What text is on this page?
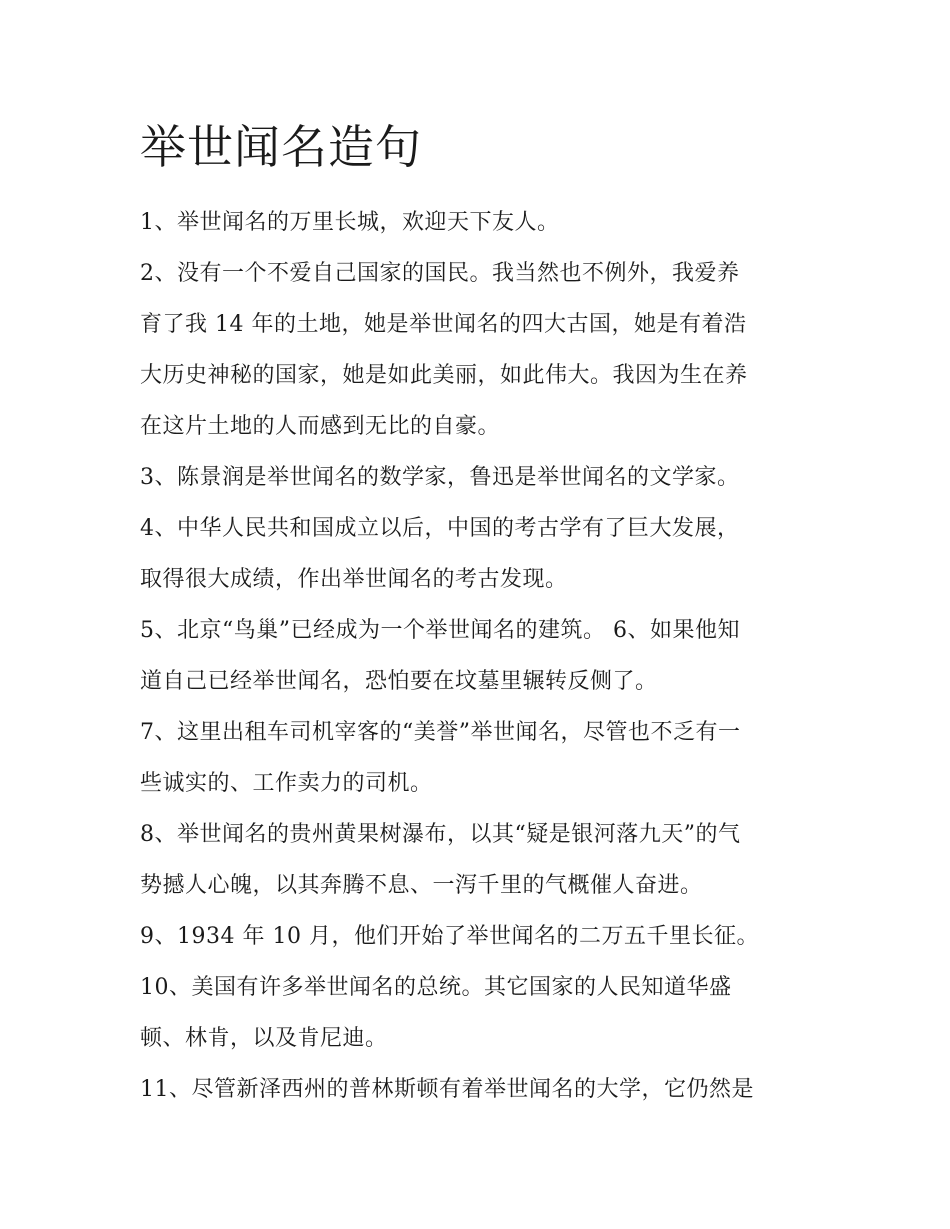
举世闻名造句
1、举世闻名的万里长城，欢迎天下友人。
2、没有一个不爱自己国家的国民。我当然也不例外，我爱养
育了我 14 年的土地，她是举世闻名的四大古国，她是有着浩
大历史神秘的国家，她是如此美丽，如此伟大。我因为生在养
在这片土地的人而感到无比的自豪。
3、陈景润是举世闻名的数学家，鲁迅是举世闻名的文学家。
4、中华人民共和国成立以后，中国的考古学有了巨大发展，
取得很大成绩，作出举世闻名的考古发现。
5、北京“鸟巢”已经成为一个举世闻名的建筑。 6、如果他知
道自己已经举世闻名，恐怕要在坟墓里辗转反侧了。
7、这里出租车司机宰客的“美誉”举世闻名，尽管也不乏有一
些诚实的、工作卖力的司机。
8、举世闻名的贵州黄果树瀑布，以其“疑是银河落九天”的气
势撼人心魄，以其奔腾不息、一泻千里的气概催人奋进。
9、1934 年 10 月，他们开始了举世闻名的二万五千里长征。
10、美国有许多举世闻名的总统。其它国家的人民知道华盛
顿、林肯，以及肯尼迪。
11、尽管新泽西州的普林斯顿有着举世闻名的大学，它仍然是
